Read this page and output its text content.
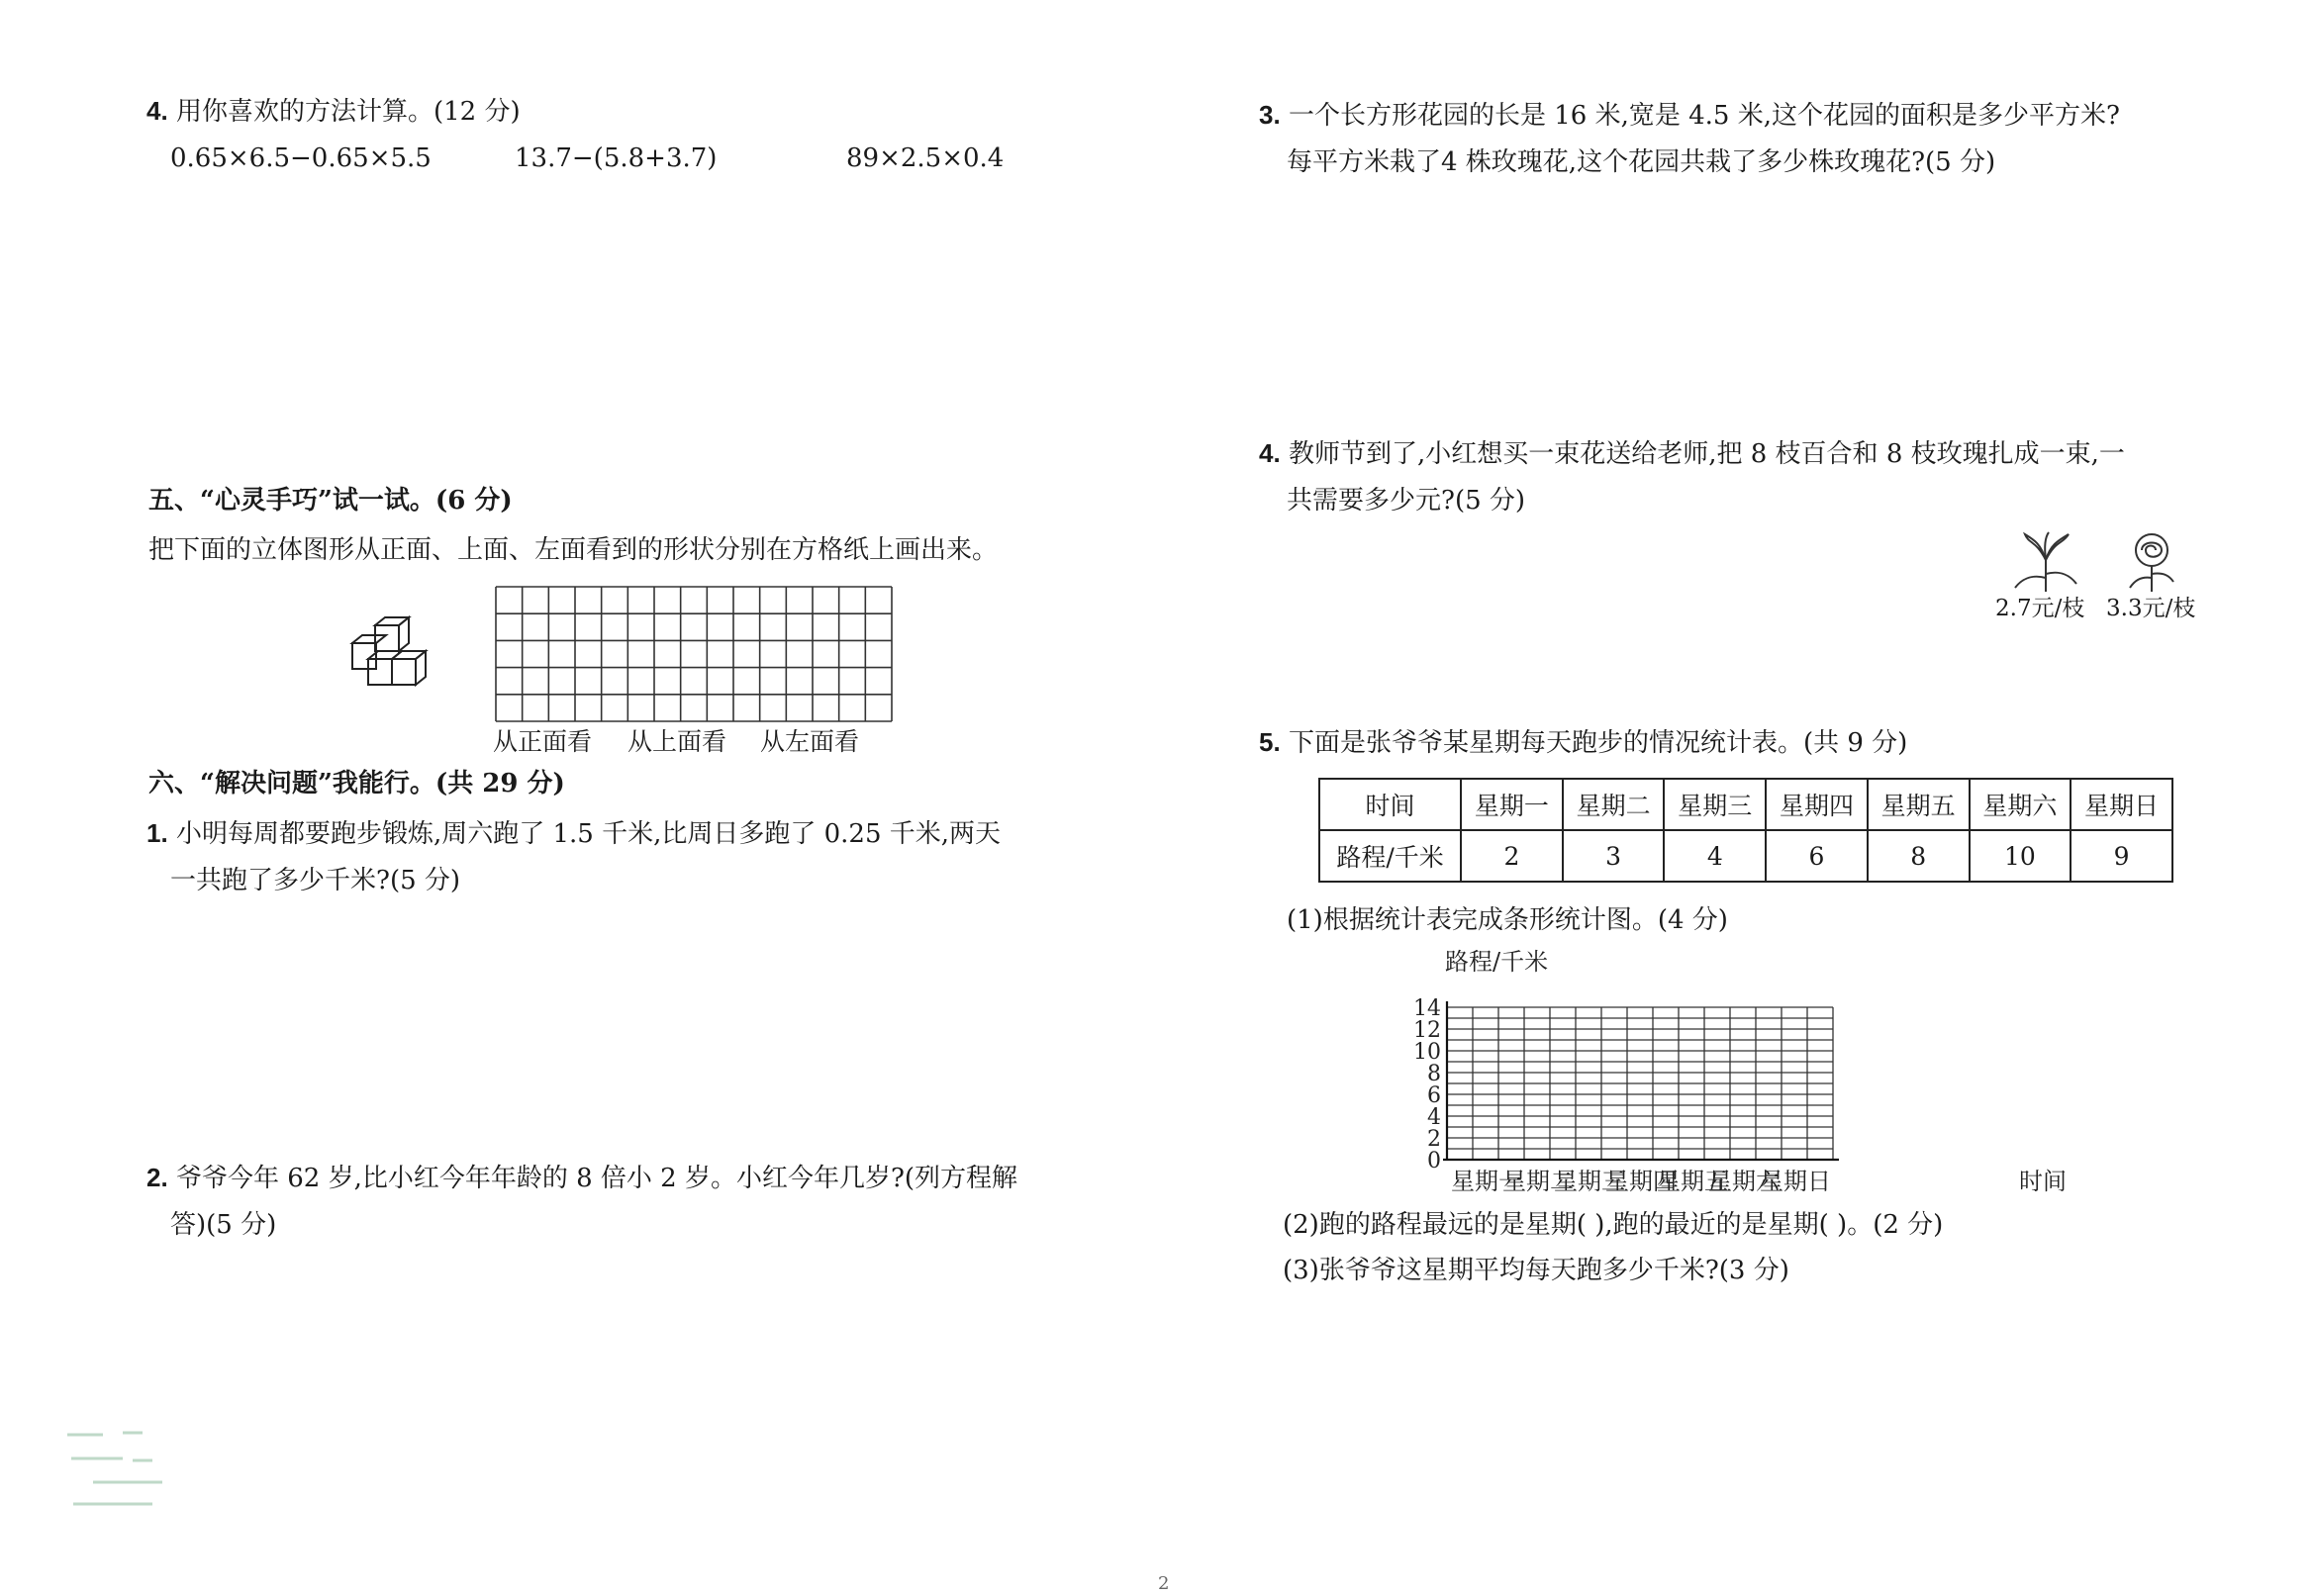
4. 用你喜欢的方法计算。(12 分)
0.65×6.5−0.65×5.5	13.7−(5.8+3.7)	89×2.5×0.4
五、“心灵手巧”试一试。(6 分)
把下面的立体图形从正面、上面、左面看到的形状分别在方格纸上画出来。
从正面看 从上面看 从左面看
六、“解决问题”我能行。(共 29 分)
1. 小明每周都要跑步锻炼,周六跑了 1.5 千米,比周日多跑了 0.25 千米,两天
一共跑了多少千米?(5 分)
2. 爷爷今年 62 岁,比小红今年年龄的 8 倍小 2 岁。小红今年几岁?(列方程解
答)(5 分)
3. 一个长方形花园的长是 16 米,宽是 4.5 米,这个花园的面积是多少平方米?
每平方米栽了4 株玫瑰花,这个花园共栽了多少株玫瑰花?(5 分)
4. 教师节到了,小红想买一束花送给老师,把 8 枝百合和 8 枝玫瑰扎成一束,一
共需要多少元?(5 分)
2.7元/枝 3.3元/枝
5. 下面是张爷爷某星期每天跑步的情况统计表。(共 9 分)
时间	星期一	星期二	星期三	星期四	星期五	星期六	星期日
路程/千米	2	3	4	6	8	10	9
(1)根据统计表完成条形统计图。(4 分)
路程/千米
0
2
4
6
8
10
12
14
星期一
星期二
星期三
星期四
星期五
星期六
星期日	时间
(2)跑的路程最远的是星期( ),跑的最近的是星期( )。(2 分)
(3)张爷爷这星期平均每天跑多少千米?(3 分)
2
